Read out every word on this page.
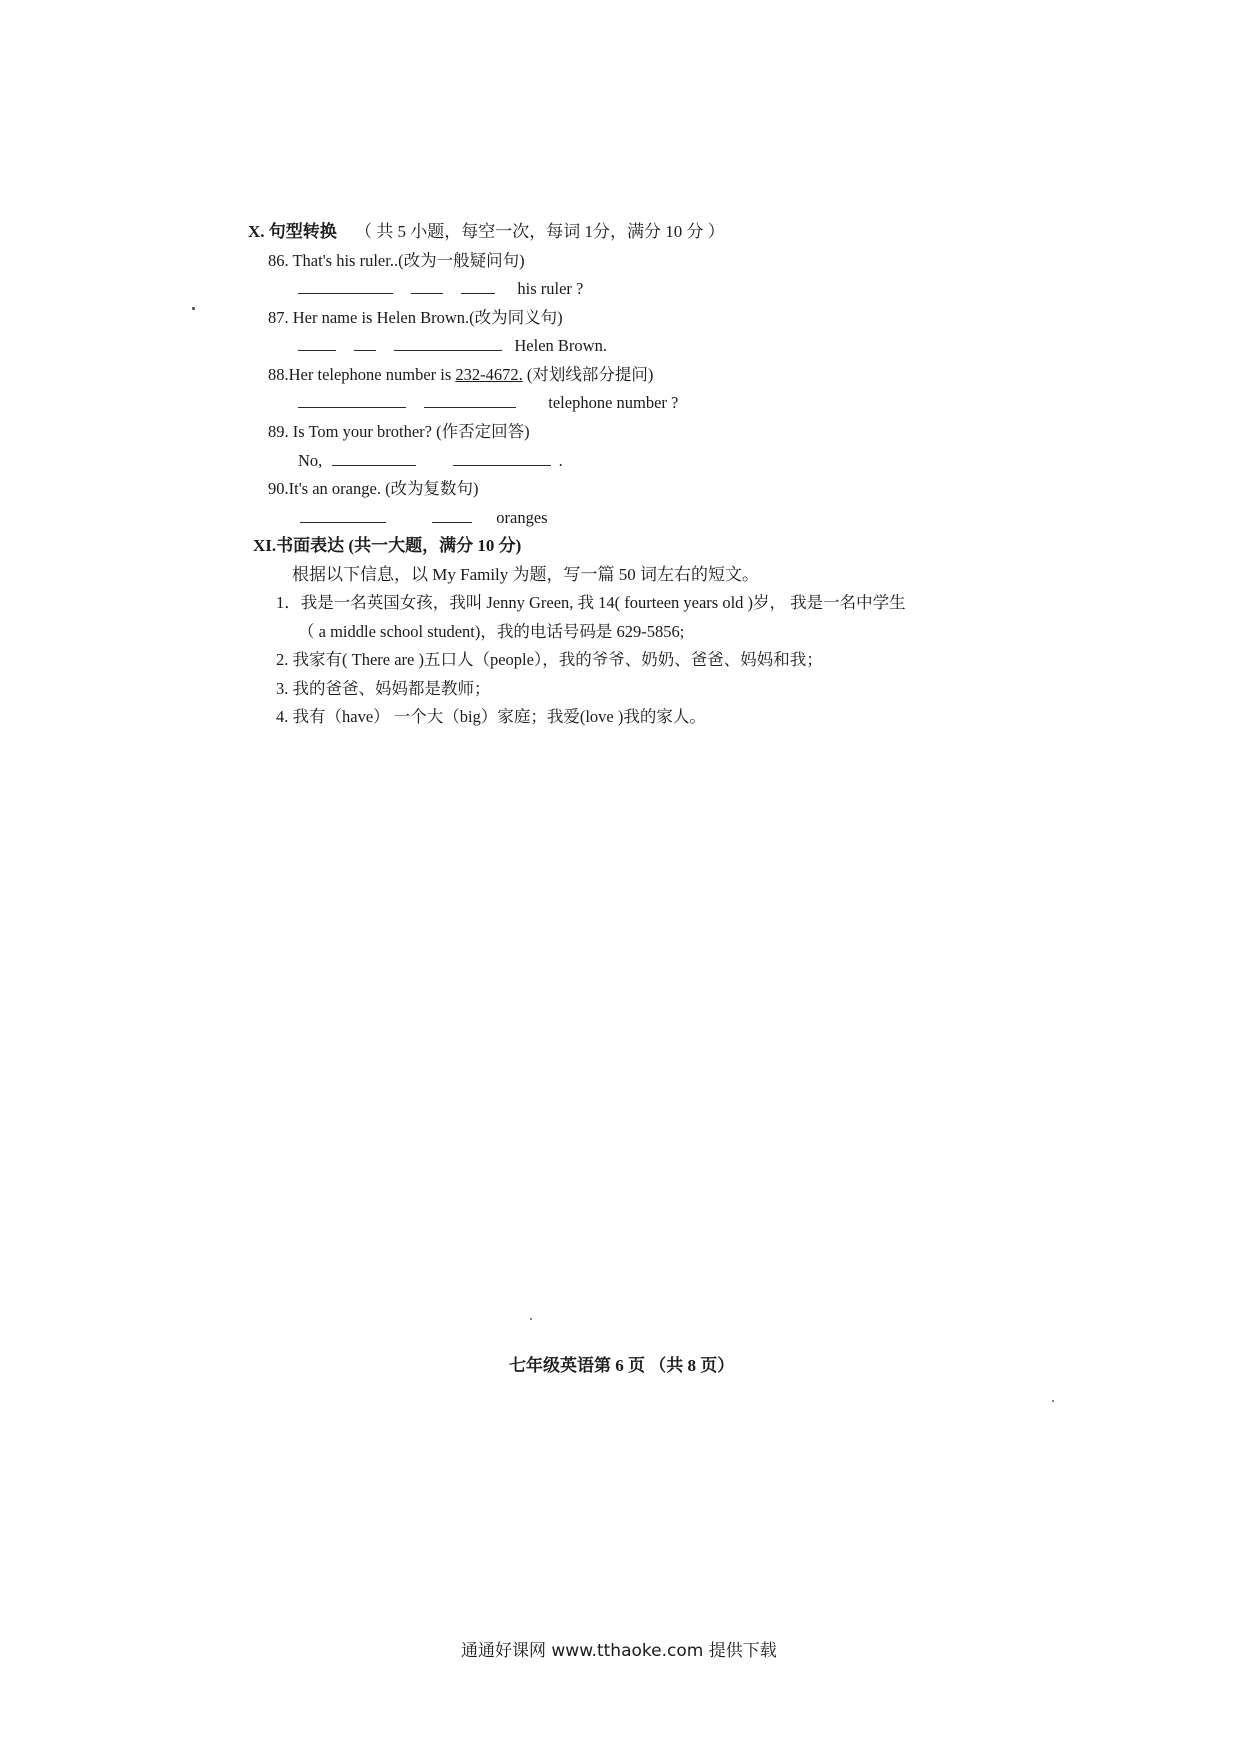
X. 句型转换 （ 共 5 小题，每空一次，每词 1分，满分 10 分 ）
86. That's his ruler..(改为一般疑问句)
his ruler ?
87. Her name is Helen Brown.(改为同义句)
Helen Brown.
88.Her telephone number is 232-4672. (对划线部分提问)
telephone number ?
89. Is Tom your brother? (作否定回答)
No,	.
90.It's an orange. (改为复数句)
oranges
XI.书面表达 (共一大题，满分 10 分)
根据以下信息，以 My Family 为题，写一篇 50 词左右的短文。
1．我是一名英国女孩，我叫 Jenny Green, 我 14( fourteen years old )岁， 我是一名中学生
（ a middle school student)，我的电话号码是 629-5856;
2. 我家有( There are )五口人（people），我的爷爷、奶奶、爸爸、妈妈和我；
3. 我的爸爸、妈妈都是教师；
4. 我有（have） 一个大（big）家庭；我爱(love )我的家人。
七年级英语第 6 页 （共 8 页）
通通好课网 www.tthaoke.com 提供下载
